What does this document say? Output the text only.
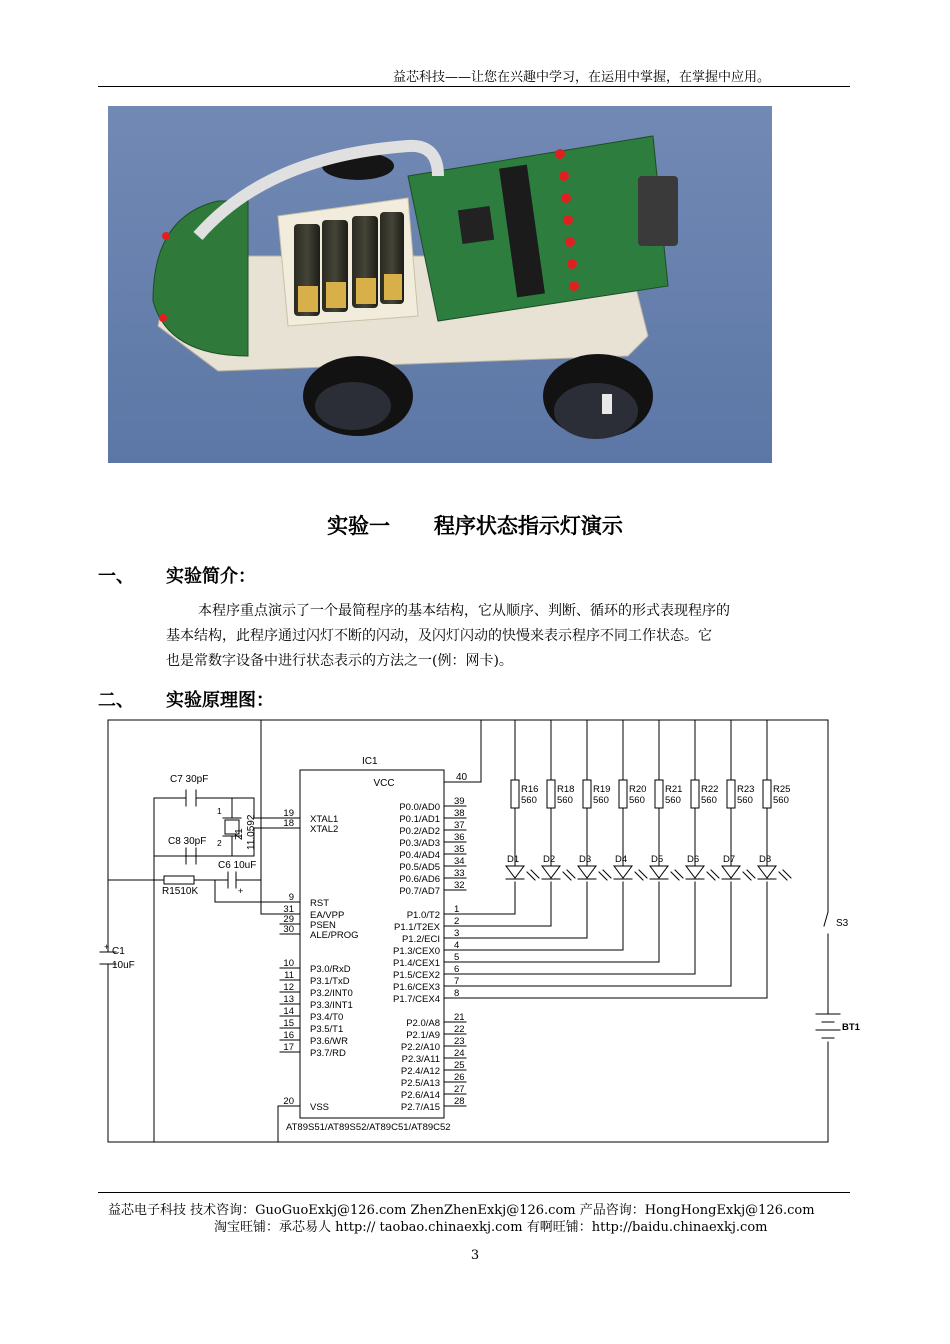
益芯科技——让您在兴趣中学习，在运用中掌握，在掌握中应用。
实验一      程序状态指示灯演示
一、 实验简介：
本程序重点演示了一个最简程序的基本结构，它从顺序、判断、循环的形式表现程序的
基本结构，此程序通过闪灯不断的闪动，及闪灯闪动的快慢来表示程序不同工作状态。它
也是常数字设备中进行状态表示的方法之一(例：网卡)。
二、 实验原理图：
19
XTAL1
18
XTAL2
9
RST
31
EA/VPP
29
PSEN
30
ALE/PROG
10
P3.0/RxD
11
P3.1/TxD
12
P3.2/INT0
13
P3.3/INT1
14
P3.4/T0
15
P3.5/T1
16
P3.6/WR
17
P3.7/RD
20
VSS
39
P0.0/AD0
38
P0.1/AD1
37
P0.2/AD2
36
P0.3/AD3
35
P0.4/AD4
34
P0.5/AD5
33
P0.6/AD6
32
P0.7/AD7
21
P2.0/A8
22
P2.1/A9
23
P2.2/A10
24
P2.3/A11
25
P2.4/A12
26
P2.5/A13
27
P2.6/A14
28
P2.7/A15
1
P1.0/T2
2
P1.1/T2EX
3
P1.2/ECI
4
P1.3/CEX0
5
P1.4/CEX1
6
P1.5/CEX2
7
P1.6/CEX3
8
P1.7/CEX4
R16
560
R18
560
R19
560
R20
560
R21
560
R22
560
R23
560
R25
560
D1	D2	D3	D4	D5	D6	D7	D8
IC1
AT89S51/AT89S52/AT89C51/AT89C52
C7 30pF
C8 30pF
C6 10uF
R1510K
Z1 11.0592
1
2
+
C1
10uF
+
S3
BT1
VCC
40
益芯电子科技 技术咨询：GuoGuoExkj@126.com ZhenZhenExkj@126.com 产品咨询：HongHongExkj@126.com
淘宝旺铺：承芯易人 http:// taobao.chinaexkj.com 有啊旺铺：http://baidu.chinaexkj.com
3
